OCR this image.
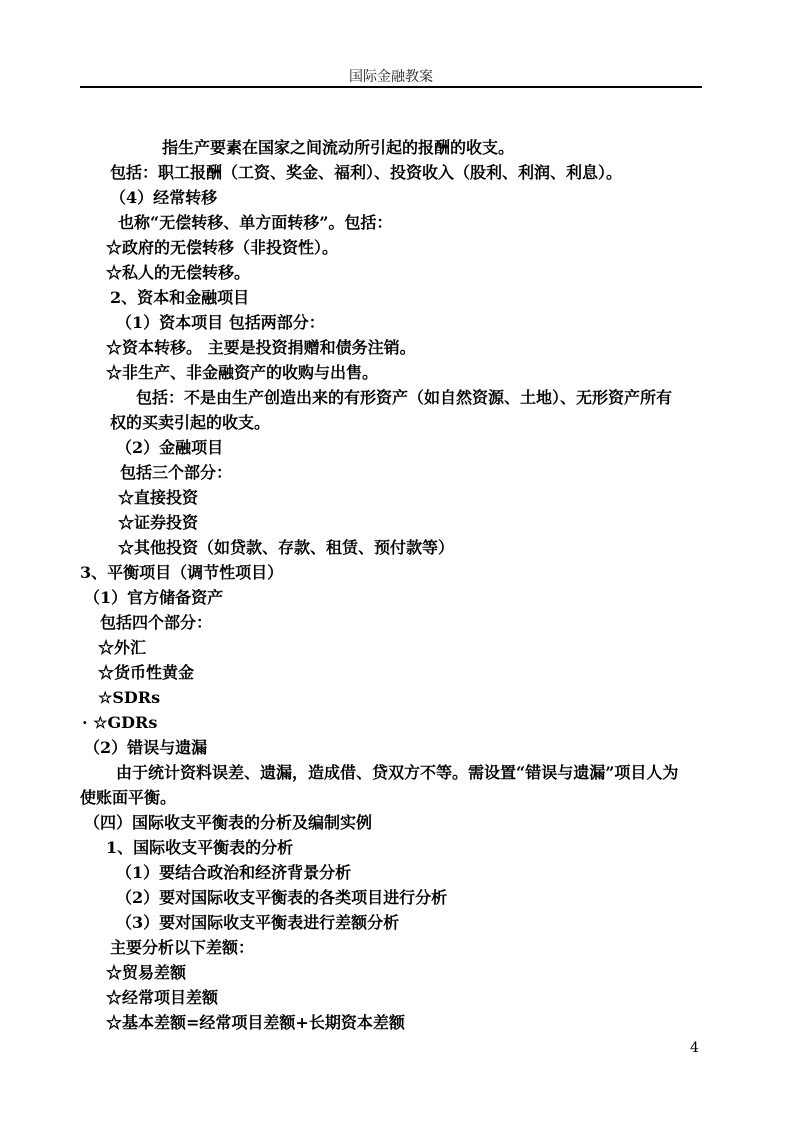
国际金融教案
指生产要素在国家之间流动所引起的报酬的收支。
包括：职工报酬（工资、奖金、福利）、投资收入（股利、利润、利息）。
（4）经常转移
也称“无偿转移、单方面转移”。包括：
☆政府的无偿转移（非投资性）。
☆私人的无偿转移。
2、资本和金融项目
（1）资本项目 包括两部分：
☆资本转移。 主要是投资捐赠和债务注销。
☆非生产、非金融资产的收购与出售。
包括：不是由生产创造出来的有形资产（如自然资源、土地）、无形资产所有
权的买卖引起的收支。
（2）金融项目
包括三个部分：
☆直接投资
☆证券投资
☆其他投资（如贷款、存款、租赁、预付款等）
3、平衡项目（调节性项目）
（1）官方储备资产
包括四个部分：
☆外汇
☆货币性黄金
☆SDRs
· ☆GDRs
（2）错误与遗漏
由于统计资料误差、遗漏，造成借、贷双方不等。需设置“错误与遗漏”项目人为
使账面平衡。
（四）国际收支平衡表的分析及编制实例
1、国际收支平衡表的分析
（1）要结合政治和经济背景分析
（2）要对国际收支平衡表的各类项目进行分析
（3）要对国际收支平衡表进行差额分析
主要分析以下差额：
☆贸易差额
☆经常项目差额
☆基本差额=经常项目差额+长期资本差额
4
